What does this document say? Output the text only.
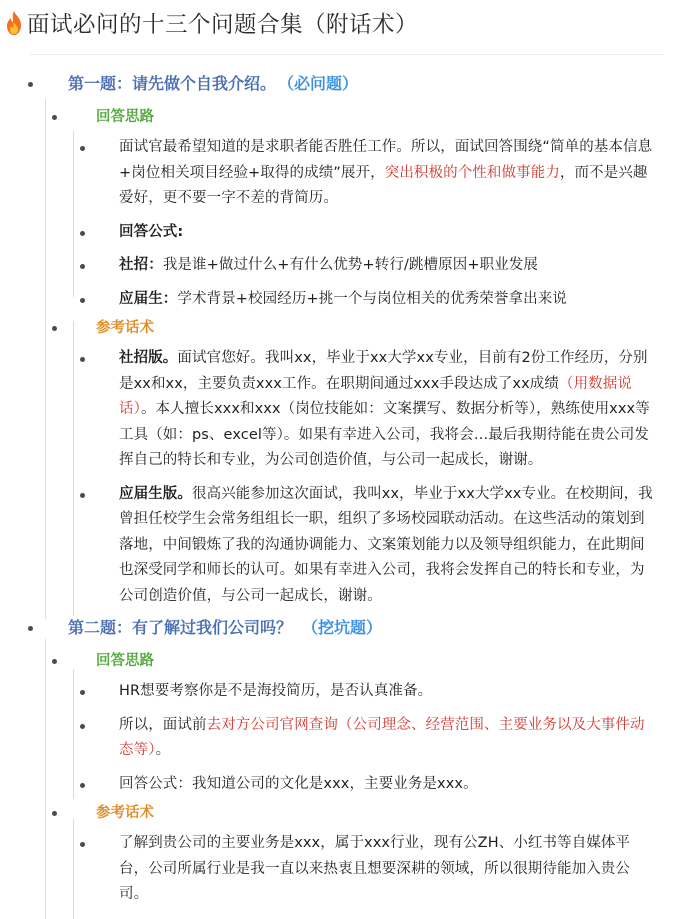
面试必问的十三个问题合集（附话术）
第一题：请先做个自我介绍。 （必问题）
回答思路
面试官最希望知道的是求职者能否胜任工作。所以，面试回答围绕“简单的基本信息+岗位相关项目经验+取得的成绩”展开，突出积极的个性和做事能力，而不是兴趣爱好，更不要一字不差的背简历。
回答公式:
社招：我是谁+做过什么+有什么优势+转行/跳槽原因+职业发展
应届生：学术背景+校园经历+挑一个与岗位相关的优秀荣誉拿出来说
参考话术
社招版。面试官您好。我叫xx，毕业于xx大学xx专业，目前有2份工作经历，分别是xx和xx，主要负责xxx工作。在职期间通过xxx手段达成了xx成绩（用数据说话）。本人擅长xxx和xxx（岗位技能如：文案撰写、数据分析等），熟练使用xxx等工具（如：ps、excel等）。如果有幸进入公司，我将会…最后我期待能在贵公司发挥自己的特长和专业，为公司创造价值，与公司一起成长，谢谢。
应届生版。很高兴能参加这次面试，我叫xx，毕业于xx大学xx专业。在校期间，我曾担任校学生会常务组组长一职，组织了多场校园联动活动。在这些活动的策划到落地，中间锻炼了我的沟通协调能力、文案策划能力以及领导组织能力，在此期间也深受同学和师长的认可。如果有幸进入公司，我将会发挥自己的特长和专业，为公司创造价值，与公司一起成长，谢谢。
第二题：有了解过我们公司吗？ （挖坑题）
回答思路
HR想要考察你是不是海投简历，是否认真准备。
所以，面试前去对方公司官网查询（公司理念、经营范围、主要业务以及大事件动态等）。
回答公式：我知道公司的文化是xxx，主要业务是xxx。
参考话术
了解到贵公司的主要业务是xxx，属于xxx行业，现有公ZH、小红书等自媒体平台，公司所属行业是我一直以来热衷且想要深耕的领域，所以很期待能加入贵公司。
